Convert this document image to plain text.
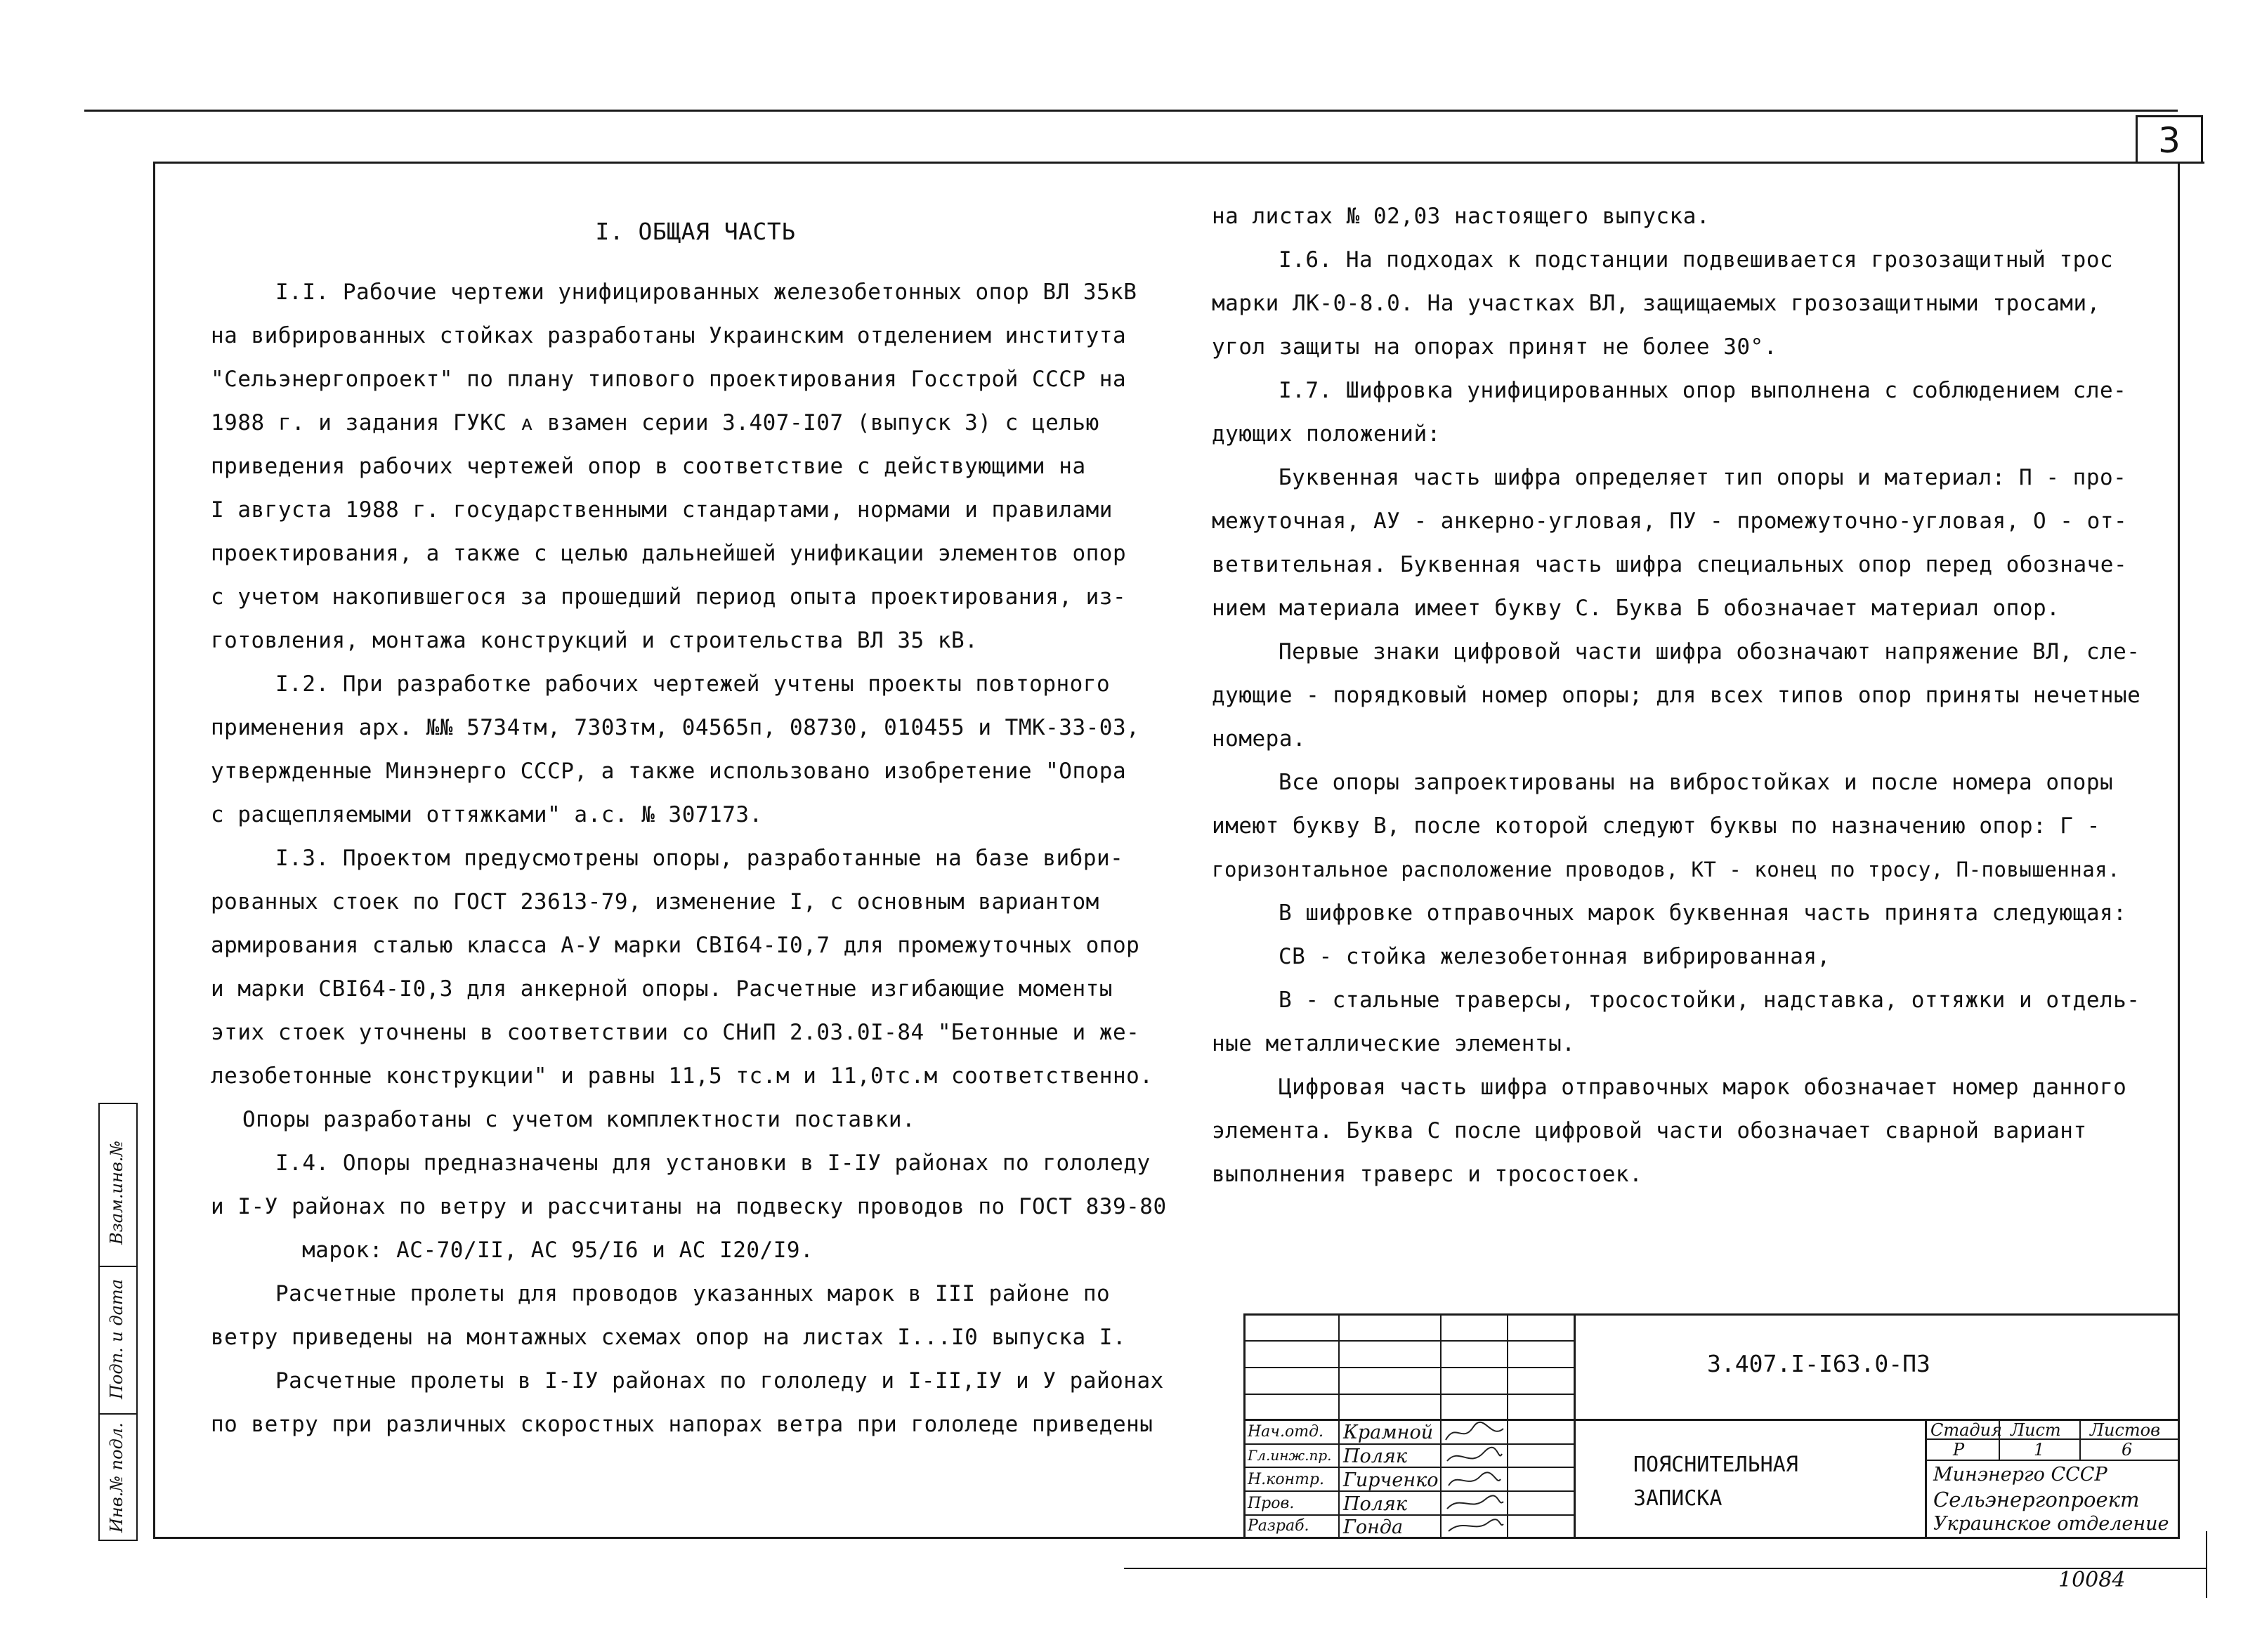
3
I. ОБЩАЯ ЧАСТЬ
I.I. Рабочие чертежи унифицированных железобетонных опор ВЛ 35кВ
на вибрированных стойках разработаны Украинским отделением института
"Сельэнергопроект" по плану типового проектирования Госстрой СССР на
1988 г. и задания ГУКС ᴀ взамен серии 3.407-I07 (выпуск 3) с целью
приведения рабочих чертежей опор в соответствие с действующими на
I августа 1988 г. государственными стандартами, нормами и правилами
проектирования, а также с целью дальнейшей унификации элементов опор
с учетом накопившегося за прошедший период опыта проектирования, из-
готовления, монтажа конструкций и строительства ВЛ 35 кВ.
I.2. При разработке рабочих чертежей учтены проекты повторного
применения арх. №№ 5734тм, 7303тм, 04565п, 08730, 010455 и ТМК-33-03,
утвержденные Минэнерго СССР, а также использовано изобретение "Опора
с расщепляемыми оттяжками" а.с. № 307173.
I.3. Проектом предусмотрены опоры, разработанные на базе вибри-
рованных стоек по ГОСТ 23613-79, изменение I, с основным вариантом
армирования сталью класса А-У марки СВI64-I0,7 для промежуточных опор
и марки СВI64-I0,3 для анкерной опоры. Расчетные изгибающие моменты
этих стоек уточнены в соответствии со СНиП 2.03.0I-84 "Бетонные и же-
лезобетонные конструкции" и равны 11,5 тс.м и 11,0тс.м соответственно.
Опоры разработаны с учетом комплектности поставки.
I.4. Опоры предназначены для установки в I-IУ районах по гололеду
и I-У районах по ветру и рассчитаны на подвеску проводов по ГОСТ 839-80
марок: АС-70/II, АС 95/I6 и АС I20/I9.
Расчетные пролеты для проводов указанных марок в III районе по
ветру приведены на монтажных схемах опор на листах I...I0 выпуска I.
Расчетные пролеты в I-IУ районах по гололеду и I-II,IУ и У районах
по ветру при различных скоростных напорах ветра при гололеде приведены
на листах № 02,03 настоящего выпуска.
I.6. На подходах к подстанции подвешивается грозозащитный трос
марки ЛК-0-8.0. На участках ВЛ, защищаемых грозозащитными тросами,
угол защиты на опорах принят не более 30°.
I.7. Шифровка унифицированных опор выполнена с соблюдением сле-
дующих положений:
Буквенная часть шифра определяет тип опоры и материал: П - про-
межуточная, АУ - анкерно-угловая, ПУ - промежуточно-угловая, О - от-
ветвительная. Буквенная часть шифра специальных опор перед обозначе-
нием материала имеет букву С. Буква Б обозначает материал опор.
Первые знаки цифровой части шифра обозначают напряжение ВЛ, сле-
дующие - порядковый номер опоры; для всех типов опор приняты нечетные
номера.
Все опоры запроектированы на вибростойках и после номера опоры
имеют букву В, после которой следуют буквы по назначению опор: Г -
горизонтальное расположение проводов, КТ - конец по тросу, П-повышенная.
В шифровке отправочных марок буквенная часть принята следующая:
СВ - стойка железобетонная вибрированная,
В - стальные траверсы, тросостойки, надставка, оттяжки и отдель-
ные металлические элементы.
Цифровая часть шифра отправочных марок обозначает номер данного
элемента. Буква С после цифровой части обозначает сварной вариант
выполнения траверс и тросостоек.
3.407.I-I63.0-ПЗ
ПОЯСНИТЕЛЬНАЯ
ЗАПИСКА
Стадия Лист Листов
Р	1	6
Минэнерго СССР
Сельэнергопроект
Украинское отделение
Нач.отд. Крамной
Гл.инж.пр. Поляк
Н.контр. Гирченко
Пров.	Поляк
Разраб. Гонда
Инв.№ подл.
Подп. и дата
Взам.инв.№
10084
